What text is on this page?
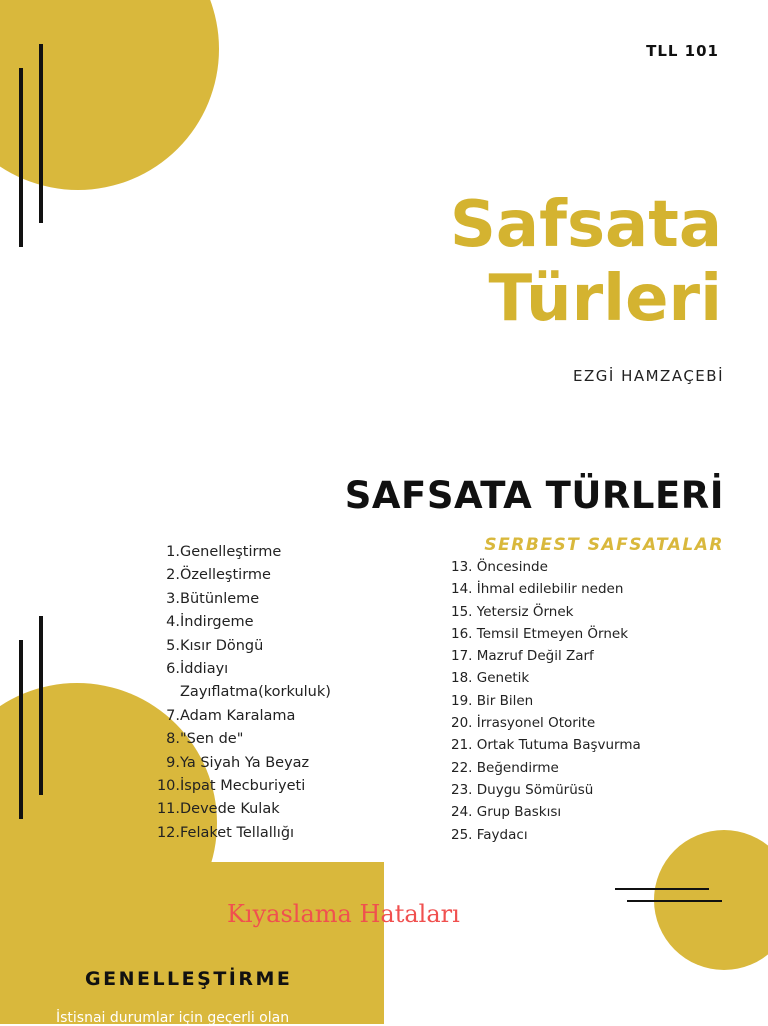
TLL 101
Safsata
Türleri
EZGİ HAMZAÇEBİ
SAFSATA TÜRLERİ
SERBEST SAFSATALAR
1. Genelleştirme
2. Özelleştirme
3. Bütünleme
4. İndirgeme
5. Kısır Döngü
6. İddiayı Zayıflatma(korkuluk)
7. Adam Karalama
8. "Sen de"
9. Ya Siyah Ya Beyaz
10. İspat Mecburiyeti
11. Devede Kulak
12. Felaket Tellallığı
13. Öncesinde
14. İhmal edilebilir neden
15. Yetersiz Örnek
16. Temsil Etmeyen Örnek
17. Mazruf Değil Zarf
18. Genetik
19. Bir Bilen
20. İrrasyonel Otorite
21. Ortak Tutuma Başvurma
22. Beğendirme
23. Duygu Sömürüsü
24. Grup Baskısı
25. Faydacı
Kıyaslama Hataları
GENELLEŞTİRME
İstisnai durumlar için geçerli olan
